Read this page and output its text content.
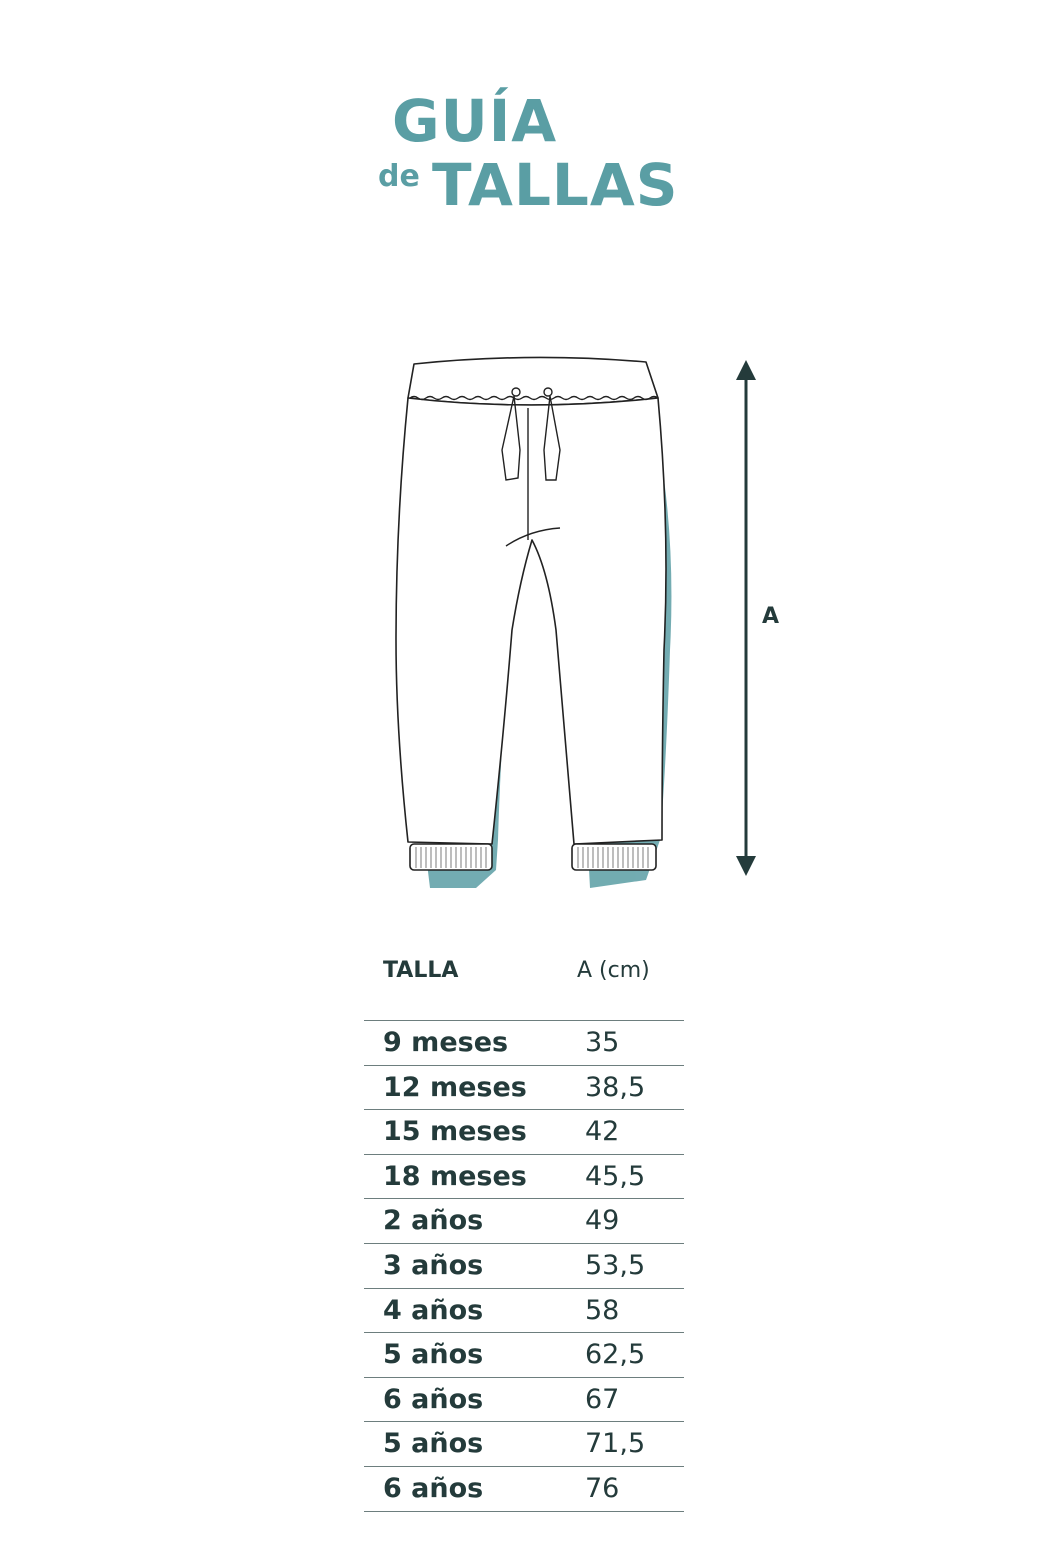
GUÍA
de TALLAS
A
TALLA	A (cm)
9 meses	35
12 meses 38,5
15 meses 42
18 meses 45,5
2 años	49
3 años	53,5
4 años	58
5 años	62,5
6 años	67
5 años	71,5
6 años	76
